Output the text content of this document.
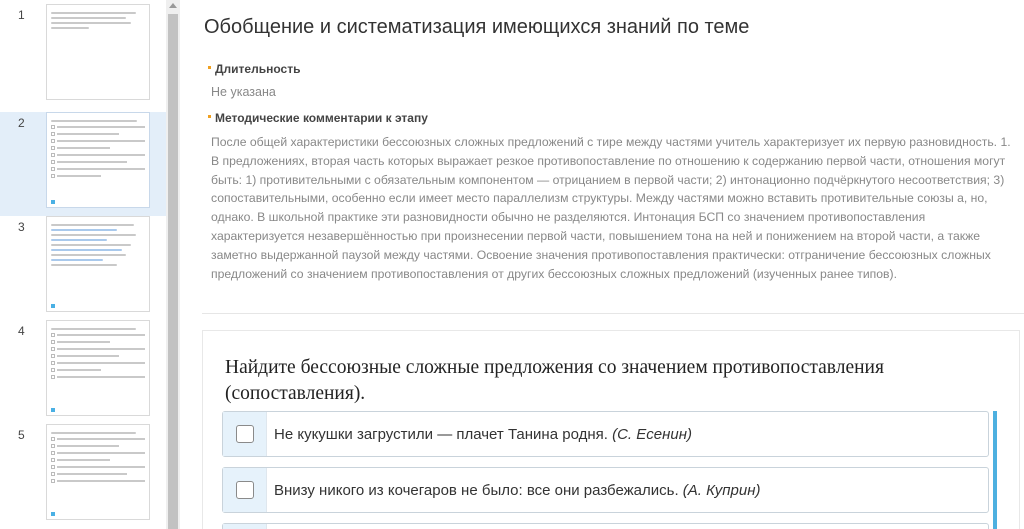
1
2
3
4
5
Обобщение и систематизация имеющихся знаний по теме
Длительность
Не указана
Методические комментарии к этапу
После общей характеристики бессоюзных сложных предложений с тире между частями учитель характеризует их первую разновидность. 1. В предложениях, вторая часть которых выражает резкое противопоставление по отношению к содержанию первой части, отношения могут быть: 1) противительными с обязательным компонентом — отрицанием в первой части; 2) интонационно подчёркнутого несоответствия; 3) сопоставительными, особенно если имеет место параллелизм структуры. Между частями можно вставить противительные союзы а, но, однако. В школьной практике эти разновидности обычно не разделяются. Интонация БСП со значением противопоставления характеризуется незавершённостью при произнесении первой части, повышением тона на ней и понижением на второй части, а также заметно выдержанной паузой между частями. Освоение значения противопоставления практически: отграничение бессоюзных сложных предложений со значением противопоставления от других бессоюзных сложных предложений (изученных ранее типов).
Найдите бессоюзные сложные предложения со значением противопоставления (сопоставления).
Не кукушки загрустили — плачет Танина родня. (С. Есенин)
Внизу никого из кочегаров не было: все они разбежались. (А. Куприн)
